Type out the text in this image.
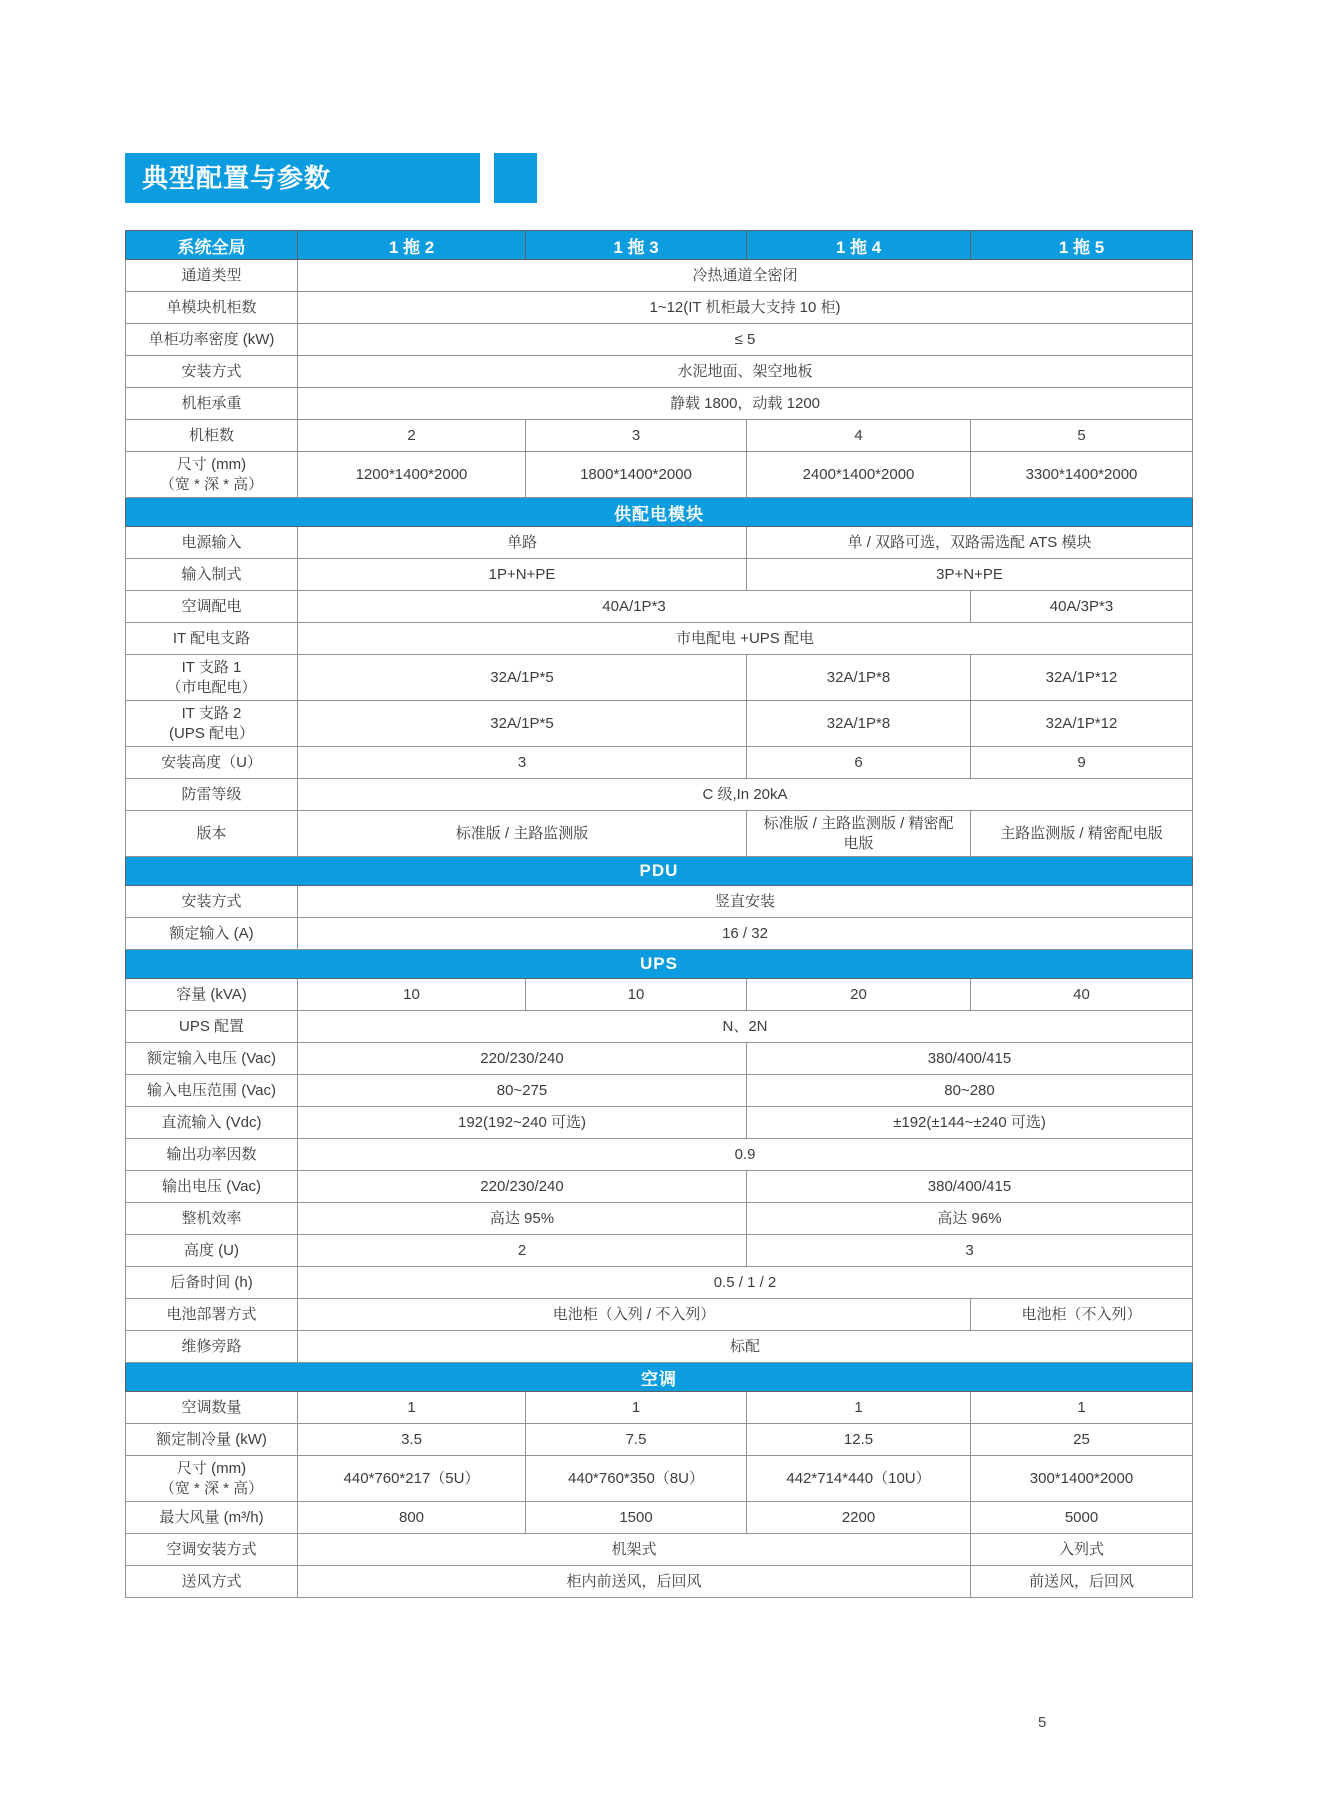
典型配置与参数
系统全局	1 拖 2	1 拖 3	1 拖 4	1 拖 5
通道类型	冷热通道全密闭			
单模块机柜数	1~12(IT 机柜最大支持 10 柜)			
单柜功率密度 (kW)	≤ 5			
安装方式	水泥地面、架空地板			
机柜承重	静载 1800，动载 1200			
机柜数	2	3	4	5

尺寸 (mm)
（宽 * 深 * 高）	1200*1400*2000	1800*1400*2000	2400*1400*2000	3300*1400*2000
供配电模块				
电源输入	单路		单 / 双路可选，双路需选配 ATS 模块	
输入制式	1P+N+PE		3P+N+PE	
空调配电	40A/1P*3			40A/3P*3
IT 配电支路	市电配电 +UPS 配电			

IT 支路 1
（市电配电）	32A/1P*5		32A/1P*8	32A/1P*12

IT 支路 2
(UPS 配电）	32A/1P*5		32A/1P*8	32A/1P*12
安装高度（U）	3		6	9
防雷等级	C 级,In 20kA			
版本	标准版 / 主路监测版		标准版 / 主路监测版 / 精密配电版	主路监测版 / 精密配电版
PDU				
安装方式	竖直安装			
额定输入 (A)	16 / 32			
UPS				
容量 (kVA)	10	10	20	40
UPS 配置	N、2N			
额定输入电压 (Vac)	220/230/240		380/400/415	
输入电压范围 (Vac)	80~275		80~280	
直流输入 (Vdc)	192(192~240 可选)		±192(±144~±240 可选)	
输出功率因数	0.9			
输出电压 (Vac)	220/230/240		380/400/415	
整机效率	高达 95%		高达 96%	
高度 (U)	2		3	
后备时间 (h)	0.5 / 1 / 2			
电池部署方式	电池柜（入列 / 不入列）			电池柜（不入列）
维修旁路	标配			
空调				
空调数量	1	1	1	1
额定制冷量 (kW)	3.5	7.5	12.5	25

尺寸 (mm)
（宽 * 深 * 高）	440*760*217（5U）	440*760*350（8U）	442*714*440（10U）	300*1400*2000
最大风量 (m³/h)	800	1500	2200	5000
空调安装方式	机架式			入列式
送风方式	柜内前送风，后回风			前送风，后回风
5
